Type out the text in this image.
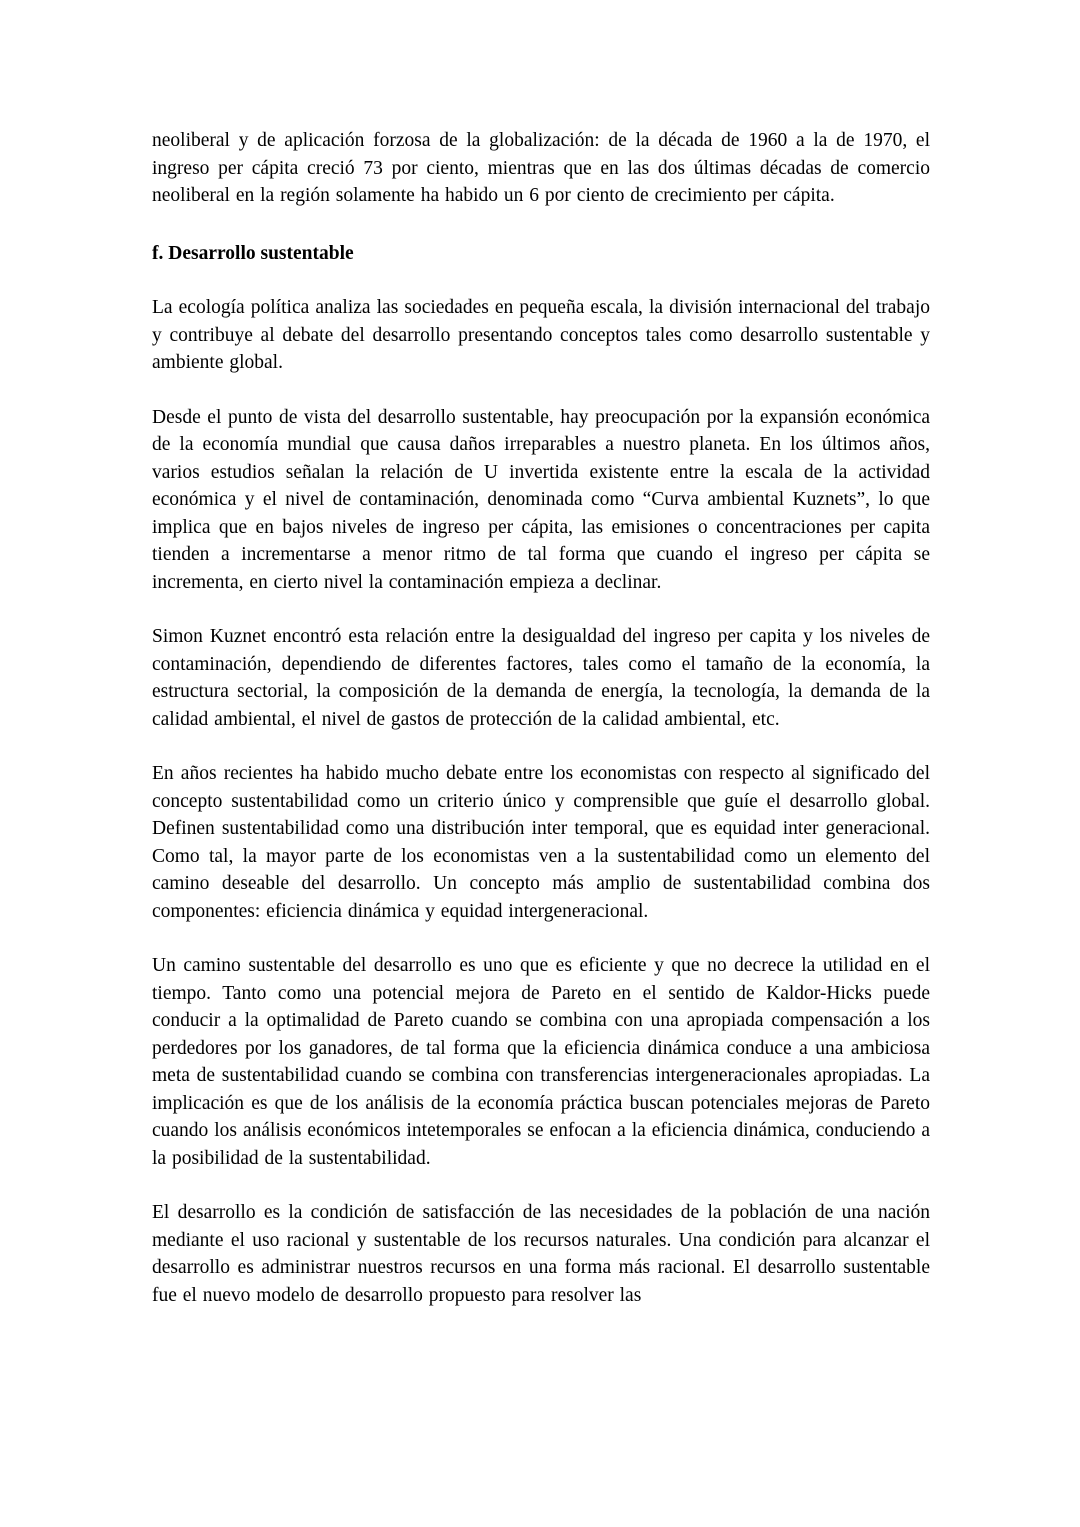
neoliberal y de aplicación forzosa de la globalización: de la década de 1960 a la de 1970, el ingreso per cápita creció 73 por ciento, mientras que en las dos últimas décadas de comercio neoliberal en la región solamente ha habido un 6 por ciento de crecimiento per cápita.

f. Desarrollo sustentable

La ecología política analiza las sociedades en pequeña escala, la división internacional del trabajo y contribuye al debate del desarrollo presentando conceptos tales como desarrollo sustentable y ambiente global.

Desde el punto de vista del desarrollo sustentable, hay preocupación por la expansión económica de la economía mundial que causa daños irreparables a nuestro planeta. En los últimos años, varios estudios señalan la relación de U invertida existente entre la escala de la actividad económica y el nivel de contaminación, denominada como “Curva ambiental Kuznets”, lo que implica que en bajos niveles de ingreso per cápita, las emisiones o concentraciones per capita tienden a incrementarse a menor ritmo de tal forma que cuando el ingreso per cápita se incrementa, en cierto nivel la contaminación empieza a declinar.

Simon Kuznet encontró esta relación entre la desigualdad del ingreso per capita y los niveles de contaminación, dependiendo de diferentes factores, tales como el tamaño de la economía, la estructura sectorial, la composición de la demanda de energía, la tecnología, la demanda de la calidad ambiental, el nivel de gastos de protección de la calidad ambiental, etc.

En años recientes ha habido mucho debate entre los economistas con respecto al significado del concepto sustentabilidad como un criterio único y comprensible que guíe el desarrollo global. Definen sustentabilidad como una distribución inter temporal, que es equidad inter generacional. Como tal, la mayor parte de los economistas ven a la sustentabilidad como un elemento del camino deseable del desarrollo. Un concepto más amplio de sustentabilidad combina dos componentes: eficiencia dinámica y equidad intergeneracional.

Un camino sustentable del desarrollo es uno que es eficiente y que no decrece la utilidad en el tiempo. Tanto como una potencial mejora de Pareto en el sentido de Kaldor-Hicks puede conducir a la optimalidad de Pareto cuando se combina con una apropiada compensación a los perdedores por los ganadores, de tal forma que la eficiencia dinámica conduce a una ambiciosa meta de sustentabilidad cuando se combina con transferencias intergeneracionales apropiadas. La implicación es que de los análisis de la economía práctica buscan potenciales mejoras de Pareto cuando los análisis económicos intetemporales se enfocan a la eficiencia dinámica, conduciendo a la posibilidad de la sustentabilidad.

El desarrollo es la condición de satisfacción de las necesidades de la población de una nación mediante el uso racional y sustentable de los recursos naturales. Una condición para alcanzar el desarrollo es administrar nuestros recursos en una forma más racional. El desarrollo sustentable fue el nuevo modelo de desarrollo propuesto para resolver las
